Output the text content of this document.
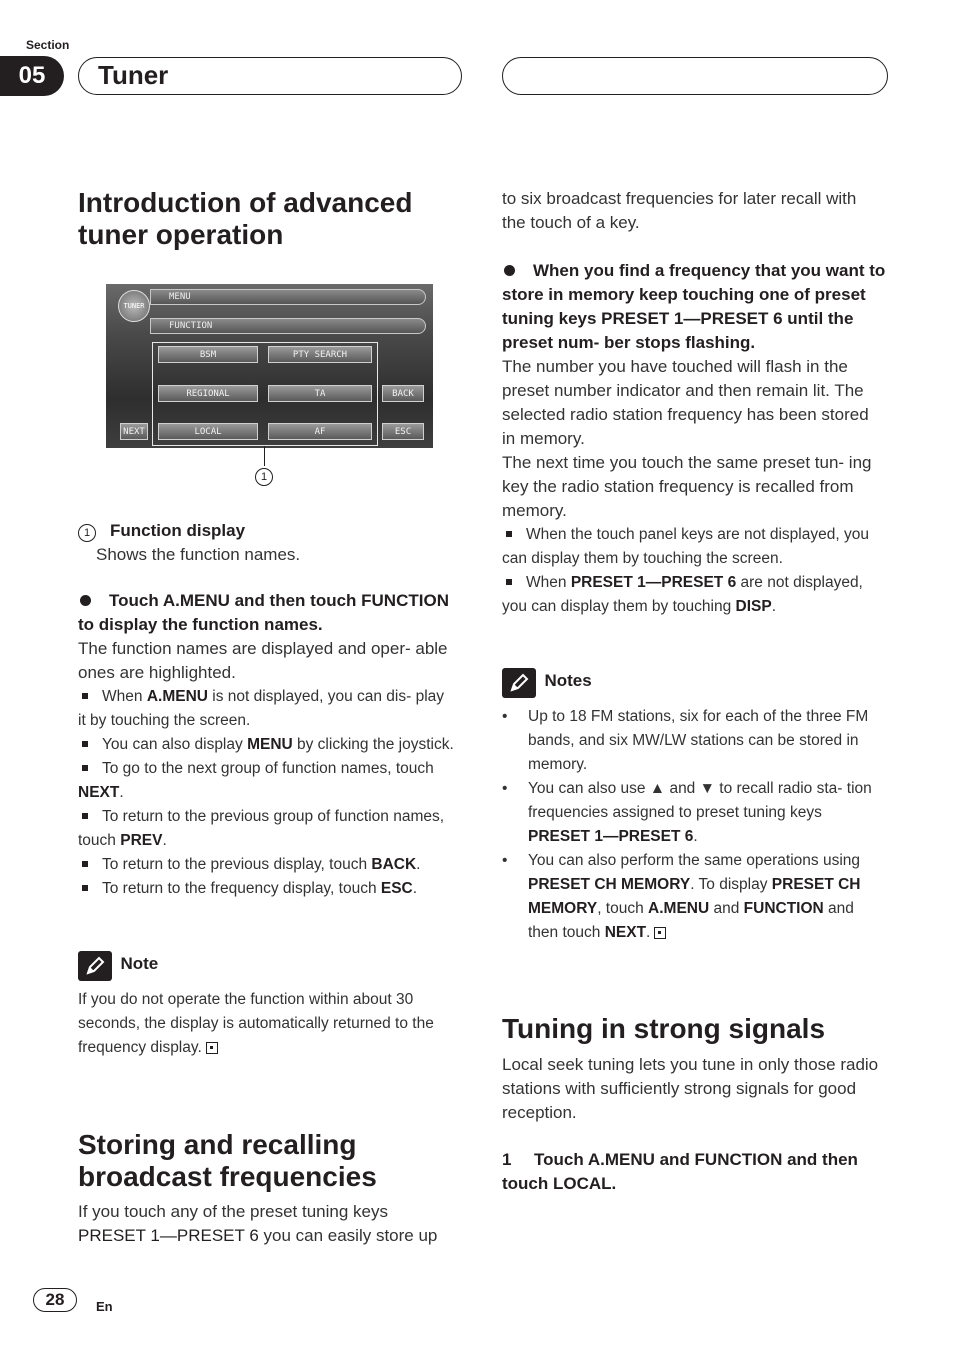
Section
05	Tuner
Introduction of advanced tuner operation
TUNER
MENU
FUNCTION
BSM	PTY SEARCH
REGIONAL	TA
LOCAL	AF
BACK
NEXT	ESC
1
1 Function display
Shows the function names.
Touch A.MENU and then touch FUNCTION to display the function names.
The function names are displayed and oper- able ones are highlighted.
When A.MENU is not displayed, you can dis- play it by touching the screen.
You can also display MENU by clicking the joystick.
To go to the next group of function names, touch NEXT.
To return to the previous group of function names, touch PREV.
To return to the previous display, touch BACK.
To return to the frequency display, touch ESC.
Note
If you do not operate the function within about 30 seconds, the display is automatically returned to the frequency display.
Storing and recalling broadcast frequencies
If you touch any of the preset tuning keys PRESET 1—PRESET 6 you can easily store up
to six broadcast frequencies for later recall with the touch of a key.
When you find a frequency that you want to store in memory keep touching one of preset tuning keys PRESET 1—PRESET 6 until the preset num- ber stops flashing.
The number you have touched will flash in the preset number indicator and then remain lit. The selected radio station frequency has been stored in memory.
The next time you touch the same preset tun- ing key the radio station frequency is recalled from memory.
When the touch panel keys are not displayed, you can display them by touching the screen.
When PRESET 1—PRESET 6 are not displayed, you can display them by touching DISP.
Notes
•	Up to 18 FM stations, six for each of the three FM bands, and six MW/LW stations can be stored in memory.
•	You can also use ▲ and ▼ to recall radio sta- tion frequencies assigned to preset tuning keys PRESET 1—PRESET 6.
•	You can also perform the same operations using PRESET CH MEMORY. To display PRESET CH MEMORY, touch A.MENU and FUNCTION and then touch NEXT.
Tuning in strong signals
Local seek tuning lets you tune in only those radio stations with sufficiently strong signals for good reception.
1 Touch A.MENU and FUNCTION and then touch LOCAL.
28	En
